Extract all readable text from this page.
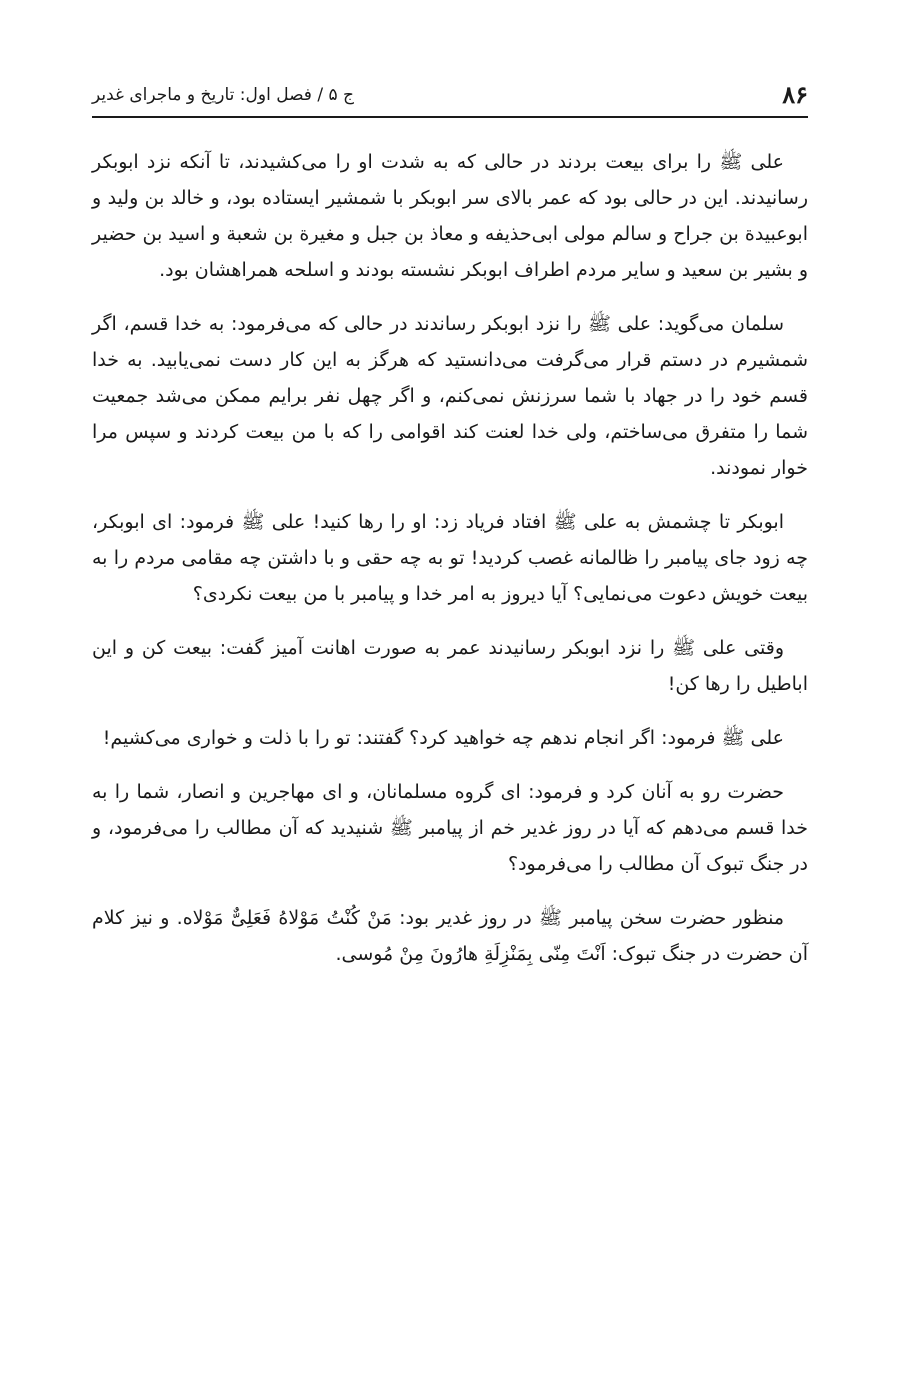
۸۶
ج ۵ / فصل اول: تاریخ و ماجرای غدیر

علی ﷺ را برای بیعت بردند در حالی که به شدت او را می‌کشیدند، تا آنکه نزد ابوبکر رسانیدند. این در حالی بود که عمر بالای سر ابوبکر با شمشیر ایستاده بود، و خالد بن ولید و ابوعبیدة بن جراح و سالم مولی ابی‌حذیفه و معاذ بن جبل و مغیرة بن شعبة و اسید بن حضیر و بشیر بن سعید و سایر مردم اطراف ابوبکر نشسته بودند و اسلحه همراهشان بود.

سلمان می‌گوید: علی ﷺ را نزد ابوبکر رساندند در حالی که می‌فرمود: به خدا قسم، اگر شمشیرم در دستم قرار می‌گرفت می‌دانستید که هرگز به این کار دست نمی‌یابید. به خدا قسم خود را در جهاد با شما سرزنش نمی‌کنم، و اگر چهل نفر برایم ممکن می‌شد جمعیت شما را متفرق می‌ساختم، ولی خدا لعنت کند اقوامی را که با من بیعت کردند و سپس مرا خوار نمودند.

ابوبکر تا چشمش به علی ﷺ افتاد فریاد زد: او را رها کنید! علی ﷺ فرمود: ای ابوبکر، چه زود جای پیامبر را ظالمانه غصب کردید! تو به چه حقی و با داشتن چه مقامی مردم را به بیعت خویش دعوت می‌نمایی؟ آیا دیروز به امر خدا و پیامبر با من بیعت نکردی؟

وقتی علی ﷺ را نزد ابوبکر رسانیدند عمر به صورت اهانت آمیز گفت: بیعت کن و این اباطیل را رها کن!

علی ﷺ فرمود: اگر انجام ندهم چه خواهید کرد؟ گفتند: تو را با ذلت و خواری می‌کشیم!

حضرت رو به آنان کرد و فرمود: ای گروه مسلمانان، و ای مهاجرین و انصار، شما را به خدا قسم می‌دهم که آیا در روز غدیر خم از پیامبر ﷺ شنیدید که آن مطالب را می‌فرمود، و در جنگ تبوک آن مطالب را می‌فرمود؟

منظور حضرت سخن پیامبر ﷺ در روز غدیر بود: مَنْ کُنْتُ مَوْلاهُ فَعَلِیٌّ مَوْلاه. و نیز کلام آن حضرت در جنگ تبوک: اَنْتَ مِنّی بِمَنْزِلَةِ هارُونَ مِنْ مُوسی.
